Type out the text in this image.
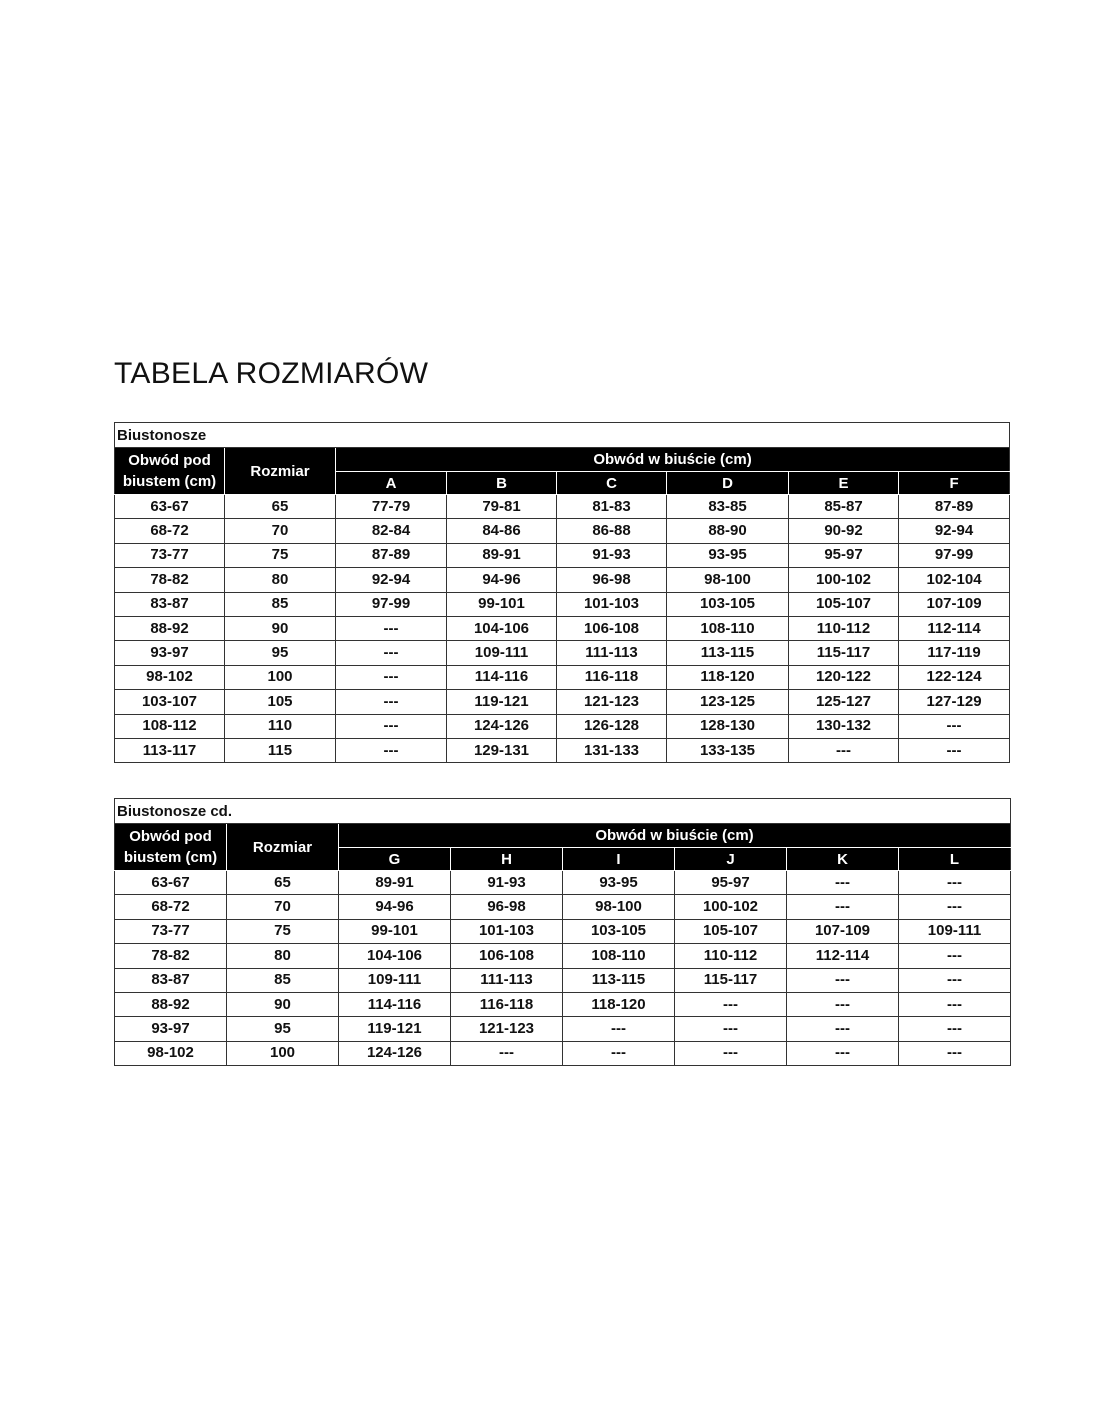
TABELA ROZMIARÓW
Biustonosze							
Obwód pod biustem (cm)	Rozmiar	Obwód w biuście (cm)					
		A	B	C	D	E	F
63-67	65	77-79	79-81	81-83	83-85	85-87	87-89
68-72	70	82-84	84-86	86-88	88-90	90-92	92-94
73-77	75	87-89	89-91	91-93	93-95	95-97	97-99
78-82	80	92-94	94-96	96-98	98-100	100-102	102-104
83-87	85	97-99	99-101	101-103	103-105	105-107	107-109
88-92	90	---	104-106	106-108	108-110	110-112	112-114
93-97	95	---	109-111	111-113	113-115	115-117	117-119
98-102	100	---	114-116	116-118	118-120	120-122	122-124
103-107	105	---	119-121	121-123	123-125	125-127	127-129
108-112	110	---	124-126	126-128	128-130	130-132	---
113-117	115	---	129-131	131-133	133-135	---	---
Biustonosze cd.							
Obwód pod biustem (cm)	Rozmiar	Obwód w biuście (cm)					
		G	H	I	J	K	L
63-67	65	89-91	91-93	93-95	95-97	---	---
68-72	70	94-96	96-98	98-100	100-102	---	---
73-77	75	99-101	101-103	103-105	105-107	107-109	109-111
78-82	80	104-106	106-108	108-110	110-112	112-114	---
83-87	85	109-111	111-113	113-115	115-117	---	---
88-92	90	114-116	116-118	118-120	---	---	---
93-97	95	119-121	121-123	---	---	---	---
98-102	100	124-126	---	---	---	---	---
